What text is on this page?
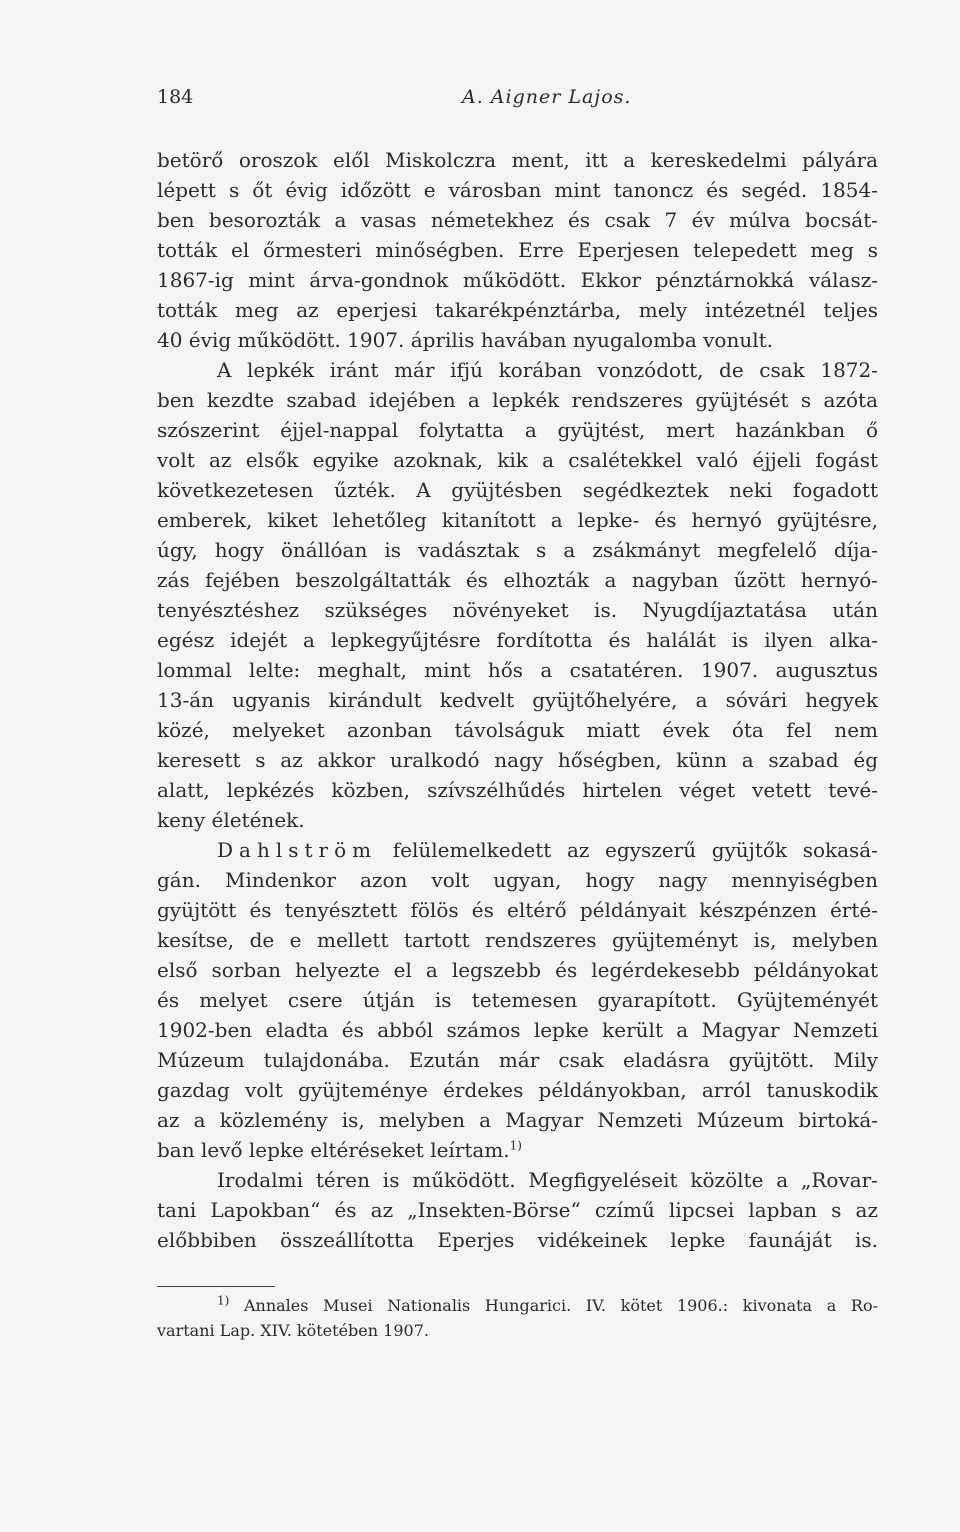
184	A. Aigner Lajos.
betörő oroszok elől Miskolczra ment, itt a kereskedelmi pályára
lépett s őt évig időzött e városban mint tanoncz és segéd. 1854-
ben besorozták a vasas németekhez és csak 7 év múlva bocsát-
tották el őrmesteri minőségben. Erre Eperjesen telepedett meg s
1867-ig mint árva-gondnok működött. Ekkor pénztárnokká válasz-
tották meg az eperjesi takarékpénztárba, mely intézetnél teljes
40 évig működött. 1907. április havában nyugalomba vonult.
A lepkék iránt már ifjú korában vonzódott, de csak 1872-
ben kezdte szabad idejében a lepkék rendszeres gyüjtését s azóta
szószerint éjjel-nappal folytatta a gyüjtést, mert hazánkban ő
volt az elsők egyike azoknak, kik a csalétekkel való éjjeli fogást
következetesen űzték. A gyüjtésben segédkeztek neki fogadott
emberek, kiket lehetőleg kitanított a lepke- és hernyó gyüjtésre,
úgy, hogy önállóan is vadásztak s a zsákmányt megfelelő díja-
zás fejében beszolgáltatták és elhozták a nagyban űzött hernyó-
tenyésztéshez szükséges növényeket is. Nyugdíjaztatása után
egész idejét a lepkegyűjtésre fordította és halálát is ilyen alka-
lommal lelte: meghalt, mint hős a csatatéren. 1907. augusztus
13-án ugyanis kirándult kedvelt gyüjtőhelyére, a sóvári hegyek
közé, melyeket azonban távolságuk miatt évek óta fel nem
keresett s az akkor uralkodó nagy hőségben, künn a szabad ég
alatt, lepkézés közben, szívszélhűdés hirtelen véget vetett tevé-
keny életének.
Dahlström felülemelkedett az egyszerű gyüjtők sokasá-
gán. Mindenkor azon volt ugyan, hogy nagy mennyiségben
gyüjtött és tenyésztett fölös és eltérő példányait készpénzen érté-
kesítse, de e mellett tartott rendszeres gyüjteményt is, melyben
első sorban helyezte el a legszebb és legérdekesebb példányokat
és melyet csere útján is tetemesen gyarapított. Gyüjteményét
1902-ben eladta és abból számos lepke került a Magyar Nemzeti
Múzeum tulajdonába. Ezután már csak eladásra gyüjtött. Mily
gazdag volt gyüjteménye érdekes példányokban, arról tanuskodik
az a közlemény is, melyben a Magyar Nemzeti Múzeum birtoká-
ban levő lepke eltéréseket leírtam.$^{1)}$
Irodalmi téren is működött. Megfigyeléseit közölte a „Rovar-
tani Lapokban“ és az „Insekten-Börse“ czímű lipcsei lapban s az
előbbiben összeállította Eperjes vidékeinek lepke faunáját is.
$^{1)}$ Annales Musei Nationalis Hungarici. IV. kötet 1906.: kivonata a Ro-
vartani Lap. XIV. kötetében 1907.
